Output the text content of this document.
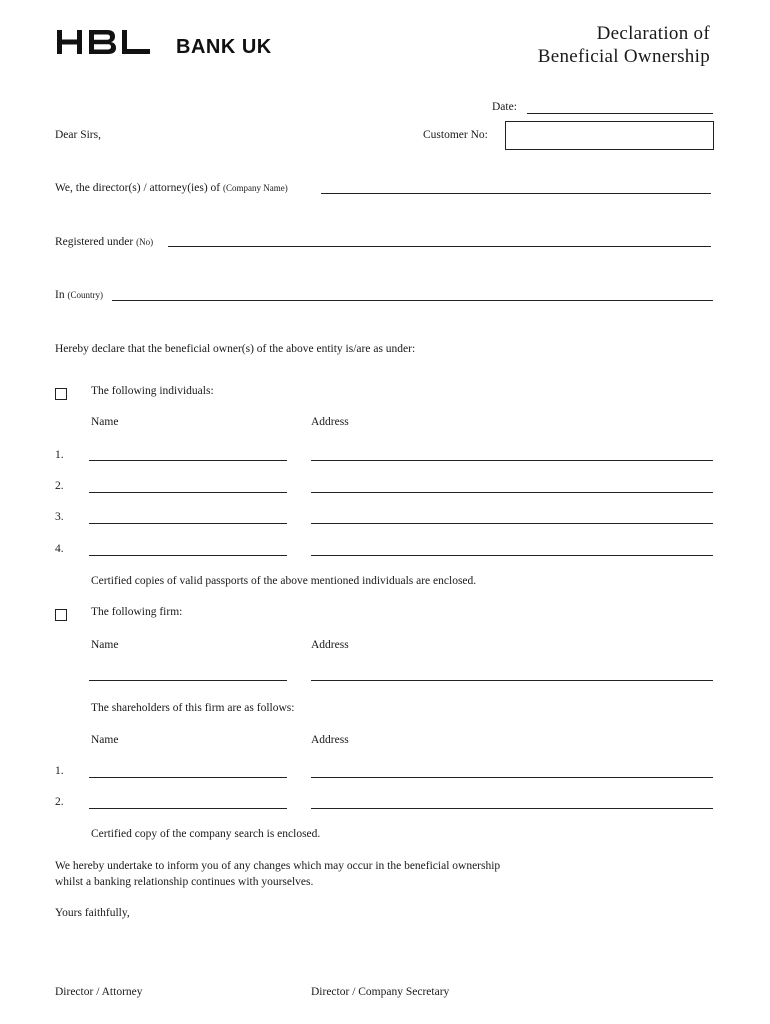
BANK UK
Declaration of
Beneficial Ownership
Date:
Dear Sirs,	Customer No:
We, the director(s) / attorney(ies) of (Company Name)
Registered under (No)
In (Country)
Hereby declare that the beneficial owner(s) of the above entity is/are as under:
The following individuals:
Name	Address
1.
2.
3.
4.
Certified copies of valid passports of the above mentioned individuals are enclosed.
The following firm:
Name	Address
The shareholders of this firm are as follows:
Name	Address
1.
2.
Certified copy of the company search is enclosed.
We hereby undertake to inform you of any changes which may occur in the beneficial ownership
whilst a banking relationship continues with yourselves.
Yours faithfully,
Director / Attorney	Director / Company Secretary
